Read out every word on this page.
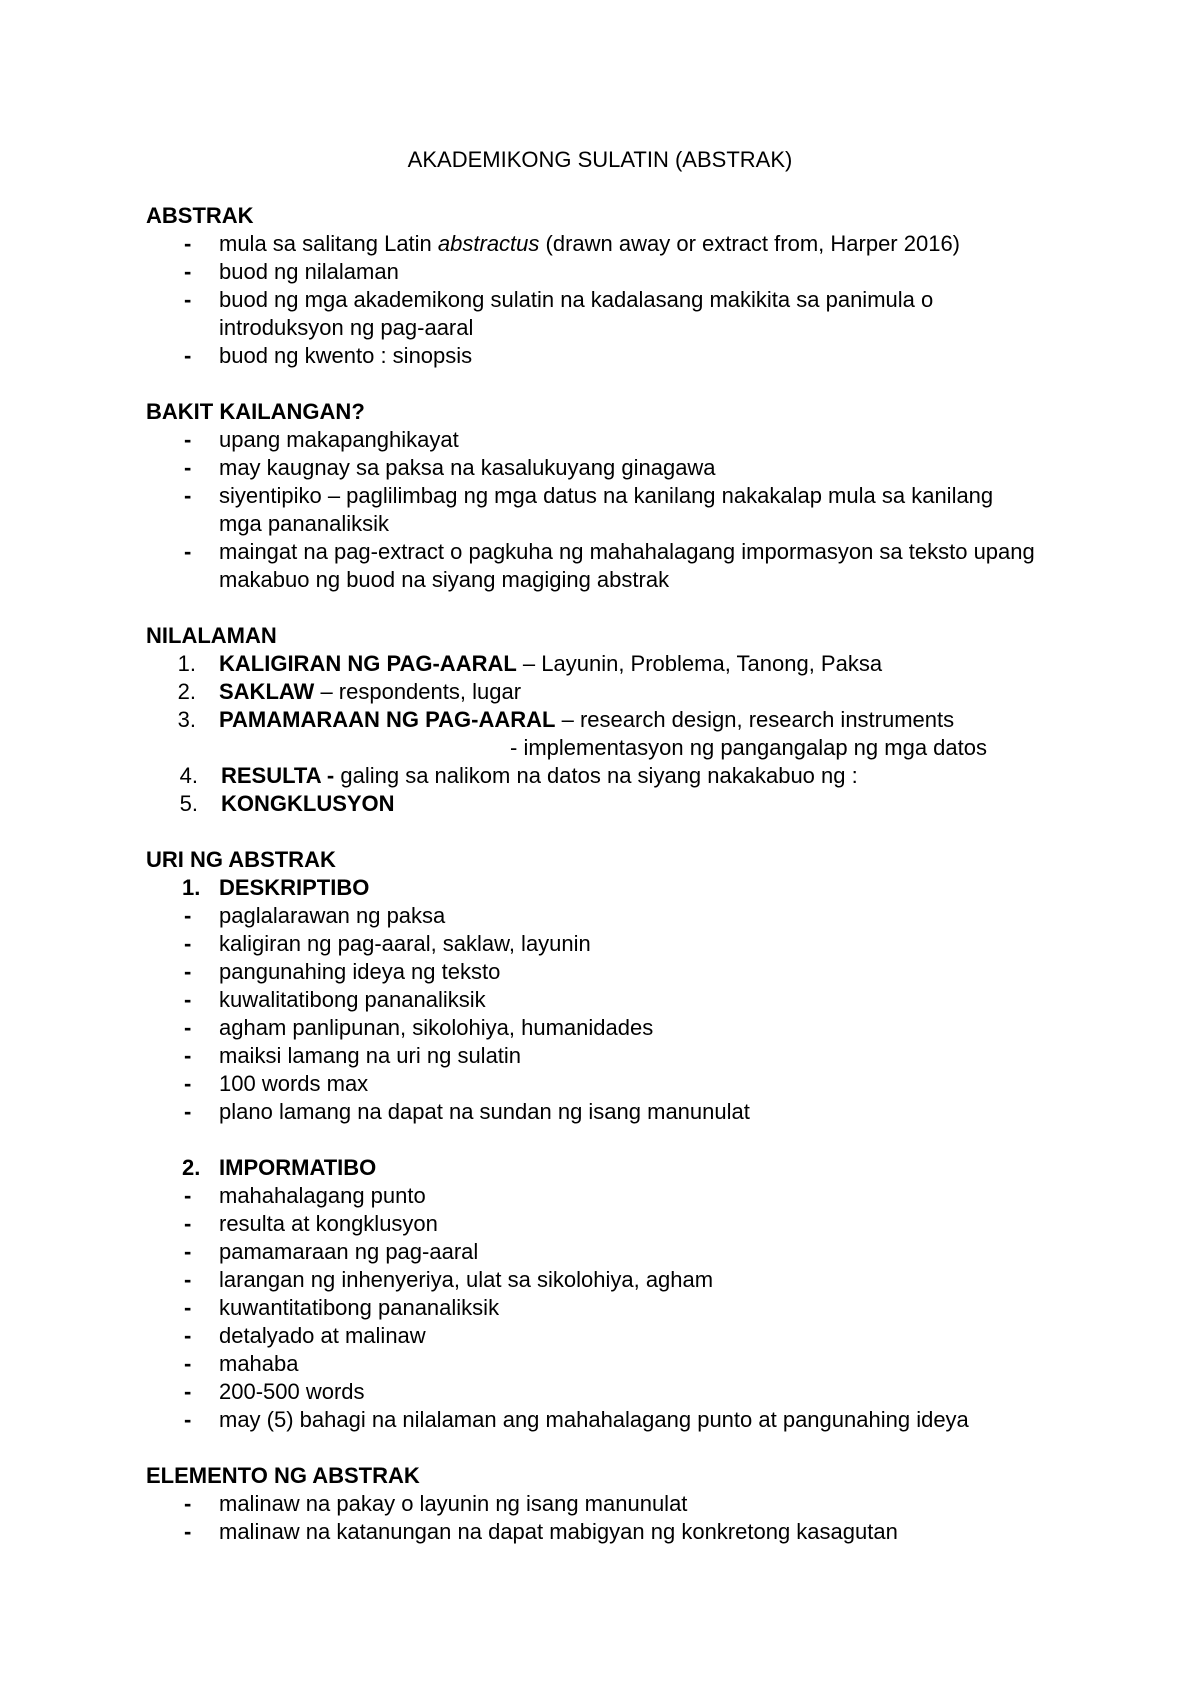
AKADEMIKONG SULATIN (ABSTRAK)
ABSTRAK
- mula sa salitang Latin abstractus (drawn away or extract from, Harper 2016)
- buod ng nilalaman
- buod ng mga akademikong sulatin na kadalasang makikita sa panimula o introduksyon ng pag-aaral
- buod ng kwento : sinopsis
BAKIT KAILANGAN?
- upang makapanghikayat
- may kaugnay sa paksa na kasalukuyang ginagawa
- siyentipiko – paglilimbag ng mga datus na kanilang nakakalap mula sa kanilang mga pananaliksik
- maingat na pag-extract o pagkuha ng mahahalagang impormasyon sa teksto upang makabuo ng buod na siyang magiging abstrak
NILALAMAN
1. KALIGIRAN NG PAG-AARAL – Layunin, Problema, Tanong, Paksa
2. SAKLAW – respondents, lugar
3. PAMAMARAAN NG PAG-AARAL – research design, research instruments
- implementasyon ng pangangalap ng mga datos
4. RESULTA - galing sa nalikom na datos na siyang nakakabuo ng :
5. KONGKLUSYON
URI NG ABSTRAK
1. DESKRIPTIBO
- paglalarawan ng paksa
- kaligiran ng pag-aaral, saklaw, layunin
- pangunahing ideya ng teksto
- kuwalitatibong pananaliksik
- agham panlipunan, sikolohiya, humanidades
- maiksi lamang na uri ng sulatin
- 100 words max
- plano lamang na dapat na sundan ng isang manunulat
2. IMPORMATIBO
- mahahalagang punto
- resulta at kongklusyon
- pamamaraan ng pag-aaral
- larangan ng inhenyeriya, ulat sa sikolohiya, agham
- kuwantitatibong pananaliksik
- detalyado at malinaw
- mahaba
- 200-500 words
- may (5) bahagi na nilalaman ang mahahalagang punto at pangunahing ideya
ELEMENTO NG ABSTRAK
- malinaw na pakay o layunin ng isang manunulat
- malinaw na katanungan na dapat mabigyan ng konkretong kasagutan
